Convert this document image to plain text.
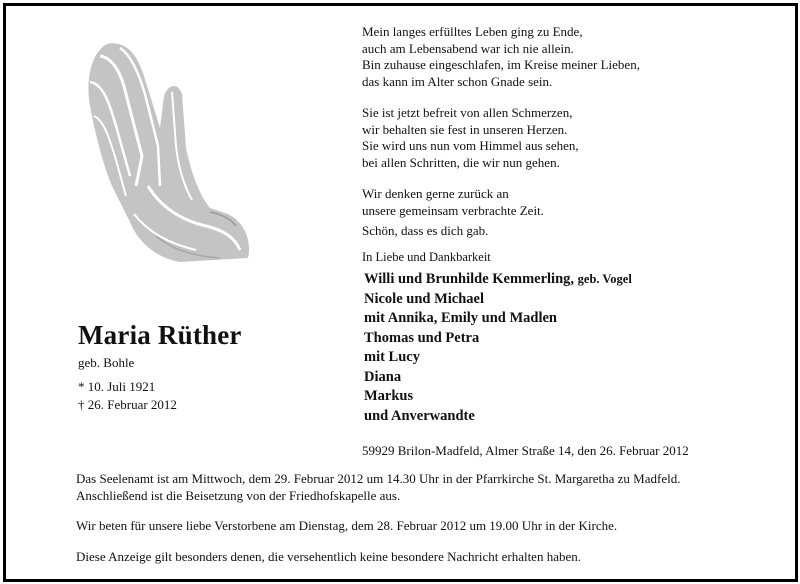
Maria Rüther
geb. Bohle
* 10. Juli 1921
† 26. Februar 2012

Mein langes erfülltes Leben ging zu Ende,

auch am Lebensabend war ich nie allein.

Bin zuhause eingeschlafen, im Kreise meiner Lieben,

das kann im Alter schon Gnade sein.

Sie ist jetzt befreit von allen Schmerzen,

wir behalten sie fest in unseren Herzen.

Sie wird uns nun vom Himmel aus sehen,

bei allen Schritten, die wir nun gehen.

Wir denken gerne zurück an

unsere gemeinsam verbrachte Zeit.

Schön, dass es dich gab.

In Liebe und Dankbarkeit
Willi und Brunhilde Kemmerling, geb. Vogel
Nicole und Michael
mit Annika, Emily und Madlen
Thomas und Petra
mit Lucy
Diana
Markus
und Anverwandte
59929 Brilon-Madfeld, Almer Straße 14, den 26. Februar 2012

Das Seelenamt ist am Mittwoch, dem 29. Februar 2012 um 14.30 Uhr in der Pfarrkirche St. Margaretha zu Madfeld.
Anschließend ist die Beisetzung von der Friedhofskapelle aus.

Wir beten für unsere liebe Verstorbene am Dienstag, dem 28. Februar 2012 um 19.00 Uhr in der Kirche.

Diese Anzeige gilt besonders denen, die versehentlich keine besondere Nachricht erhalten haben.
